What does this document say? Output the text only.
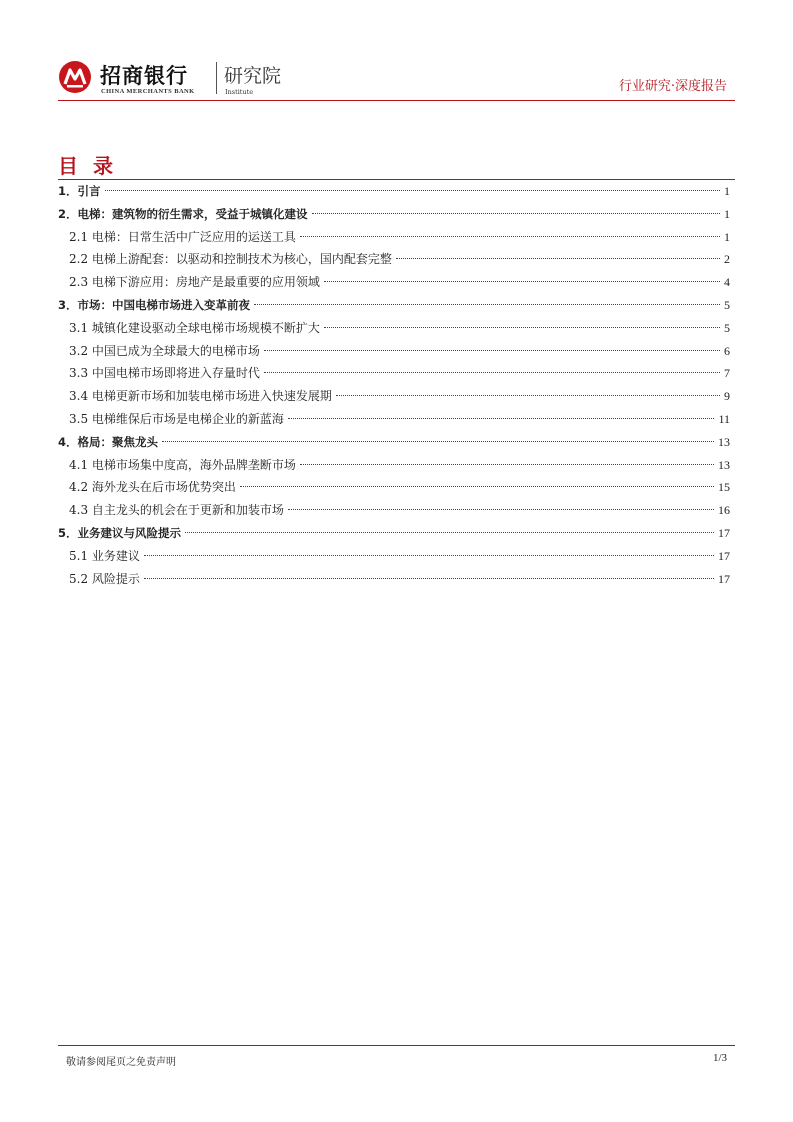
招商银行
CHINA MERCHANTS BANK
研究院
Institute	行业研究·深度报告
目 录
1．引言	1
2．电梯：建筑物的衍生需求，受益于城镇化建设	1
2.1 电梯：日常生活中广泛应用的运送工具	1
2.2 电梯上游配套：以驱动和控制技术为核心，国内配套完整	2
2.3 电梯下游应用：房地产是最重要的应用领域	4
3．市场：中国电梯市场进入变革前夜	5
3.1 城镇化建设驱动全球电梯市场规模不断扩大	5
3.2 中国已成为全球最大的电梯市场	6
3.3 中国电梯市场即将进入存量时代	7
3.4 电梯更新市场和加装电梯市场进入快速发展期	9
3.5 电梯维保后市场是电梯企业的新蓝海	11
4．格局：聚焦龙头	13
4.1 电梯市场集中度高，海外品牌垄断市场	13
4.2 海外龙头在后市场优势突出	15
4.3 自主龙头的机会在于更新和加装市场	16
5．业务建议与风险提示	17
5.1 业务建议	17
5.2 风险提示	17
敬请参阅尾页之免责声明	1/3
